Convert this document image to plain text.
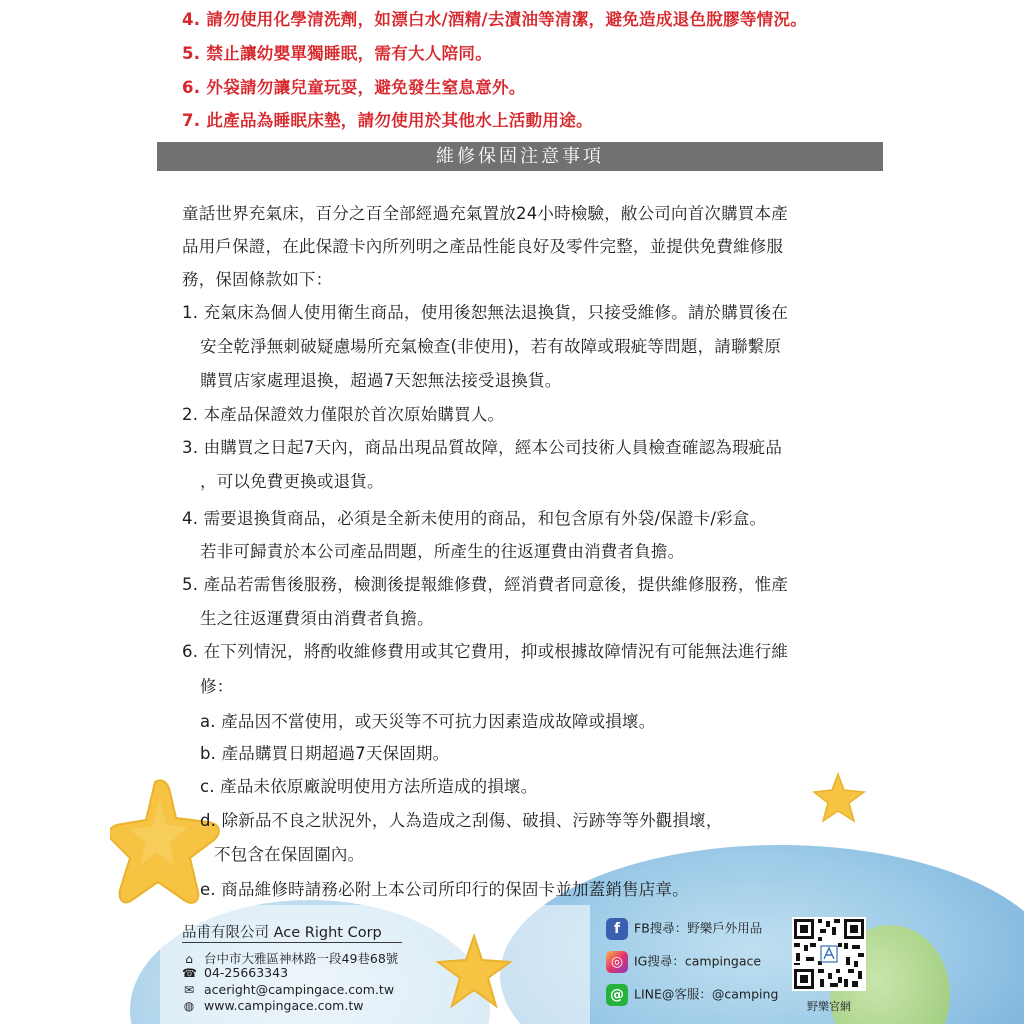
4. 請勿使用化學清洗劑，如漂白水/酒精/去漬油等清潔，避免造成退色脫膠等情況。
5. 禁止讓幼嬰單獨睡眠，需有大人陪同。
6. 外袋請勿讓兒童玩耍，避免發生窒息意外。
7. 此產品為睡眠床墊，請勿使用於其他水上活動用途。
維修保固注意事項
童話世界充氣床，百分之百全部經過充氣置放24小時檢驗，敝公司向首次購買本產
品用戶保證，在此保證卡內所列明之產品性能良好及零件完整，並提供免費維修服
務，保固條款如下：
1. 充氣床為個人使用衛生商品，使用後恕無法退換貨，只接受維修。請於購買後在
安全乾淨無刺破疑慮場所充氣檢查(非使用)，若有故障或瑕疵等問題，請聯繫原
購買店家處理退換，超過7天恕無法接受退換貨。
2. 本產品保證效力僅限於首次原始購買人。
3. 由購買之日起7天內，商品出現品質故障，經本公司技術人員檢查確認為瑕疵品
，可以免費更換或退貨。
4. 需要退換貨商品，必須是全新未使用的商品，和包含原有外袋/保證卡/彩盒。
若非可歸責於本公司產品問題，所產生的往返運費由消費者負擔。
5. 產品若需售後服務，檢測後提報維修費，經消費者同意後，提供維修服務，惟產
生之往返運費須由消費者負擔。
6. 在下列情況，將酌收維修費用或其它費用，抑或根據故障情況有可能無法進行維
修：
a. 產品因不當使用，或天災等不可抗力因素造成故障或損壞。
b. 產品購買日期超過7天保固期。
c. 產品未依原廠說明使用方法所造成的損壞。
d. 除新品不良之狀況外，人為造成之刮傷、破損、污跡等等外觀損壞，
不包含在保固圍內。
e. 商品維修時請務必附上本公司所印行的保固卡並加蓋銷售店章。
品甫有限公司 Ace Right Corp
⌂ 台中市大雅區神林路一段49巷68號
☎ 04-25663343
✉ aceright@campingace.com.tw
◍ www.campingace.com.tw
f FB搜尋：野樂戶外用品
◎ IG搜尋：campingace
@ LINE@客服：@camping
野樂官網
